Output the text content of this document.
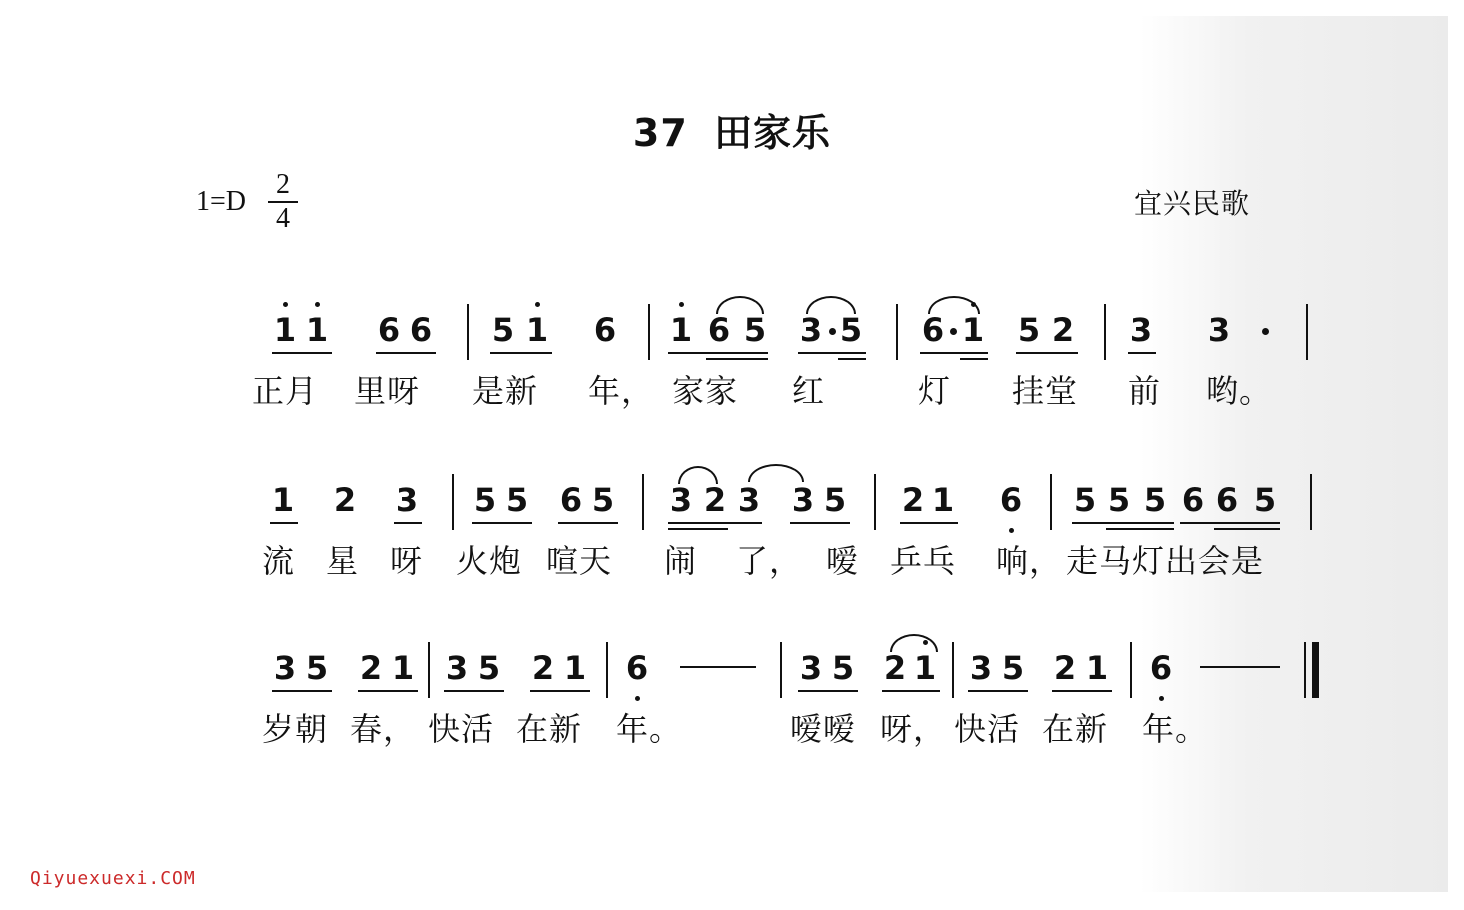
37 田家乐
1=D
2
4	宜兴民歌
1 1 6 6 5 1 6 1 6 5 3 5 6 1 5 2 3 3
正月 里呀 是新 年， 家家 红	灯 挂堂 前 哟。
1 2 3 5 5 6 5 3 2 3 3 5 2 1 6 5 5 5 6 6 5
流 星 呀 火炮 喧天 闹 了， 嗳 乒乓 响， 走马灯出会是
3 5 2 1 3 5 2 1 6	3 5 2 1 3 5 2 1 6
岁朝 春， 快活 在新 年。	嗳嗳 呀， 快活 在新 年。
Qiyuexuexi.COM
